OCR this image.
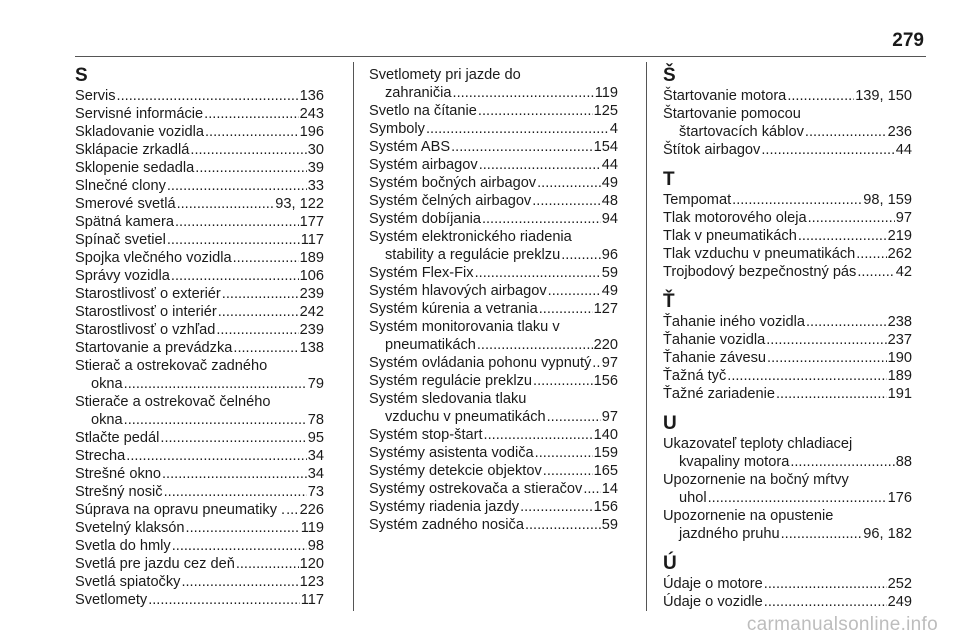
279
S
Servis .....	136
Servisné informácie .....	243
Skladovanie vozidla .....	196
Sklápacie zrkadlá .....	30
Sklopenie sedadla .....	39
Slnečné clony .....	33
Smerové svetlá .....	93, 122
Spätná kamera .....	177
Spínač svetiel .....	117
Spojka vlečného vozidla .....	189
Správy vozidla .....	106
Starostlivosť o exteriér .....	239
Starostlivosť o interiér .....	242
Starostlivosť o vzhľad .....	239
Startovanie a prevádzka .....	138
Stierač a ostrekovač zadného
okna .....	79
Stierače a ostrekovač čelného
okna .....	78
Stlačte pedál .....	95
Strecha .....	34
Strešné okno .....	34
Strešný nosič .....	73
Súprava na opravu pneumatiky . ..... 226
Svetelný klaksón .....	119
Svetla do hmly .....	98
Svetlá pre jazdu cez deň .....	120
Svetlá spiatočky .....	123
Svetlomety .....	117
Svetlomety pri jazde do
zahraničia .....	119
Svetlo na čítanie .....	125
Symboly .....	4
Systém ABS .....	154
Systém airbagov .....	44
Systém bočných airbagov .....	49
Systém čelných airbagov .....	48
Systém dobíjania .....	94
Systém elektronického riadenia
stability a regulácie preklzu .....	96
Systém Flex-Fix .....	59
Systém hlavových airbagov .....	49
Systém kúrenia a vetrania .....	127
Systém monitorovania tlaku v
pneumatikách .....	220
Systém ovládania pohonu vypnutý ..... 97
Systém regulácie preklzu .....	156
Systém sledovania tlaku
vzduchu v pneumatikách .....	97
Systém stop-štart .....	140
Systémy asistenta vodiča .....	159
Systémy detekcie objektov .....	165
Systémy ostrekovača a stieračov ..... 14
Systémy riadenia jazdy .....	156
Systém zadného nosiča .....	59
Š
Štartovanie motora .....	139, 150
Štartovanie pomocou
štartovacích káblov .....	236
Štítok airbagov .....	44
T
Tempomat .....	98, 159
Tlak motorového oleja .....	97
Tlak v pneumatikách .....	219
Tlak vzduchu v pneumatikách ..... 262
Trojbodový bezpečnostný pás .....	42
Ť
Ťahanie iného vozidla .....	238
Ťahanie vozidla .....	237
Ťahanie závesu .....	190
Ťažná tyč .....	189
Ťažné zariadenie .....	191
U
Ukazovateľ teploty chladiacej
kvapaliny motora .....	88
Upozornenie na bočný mŕtvy
uhol .....	176
Upozornenie na opustenie
jazdného pruhu .....	96, 182
Ú
Údaje o motore .....	252
Údaje o vozidle .....	249
carmanualsonline.info
